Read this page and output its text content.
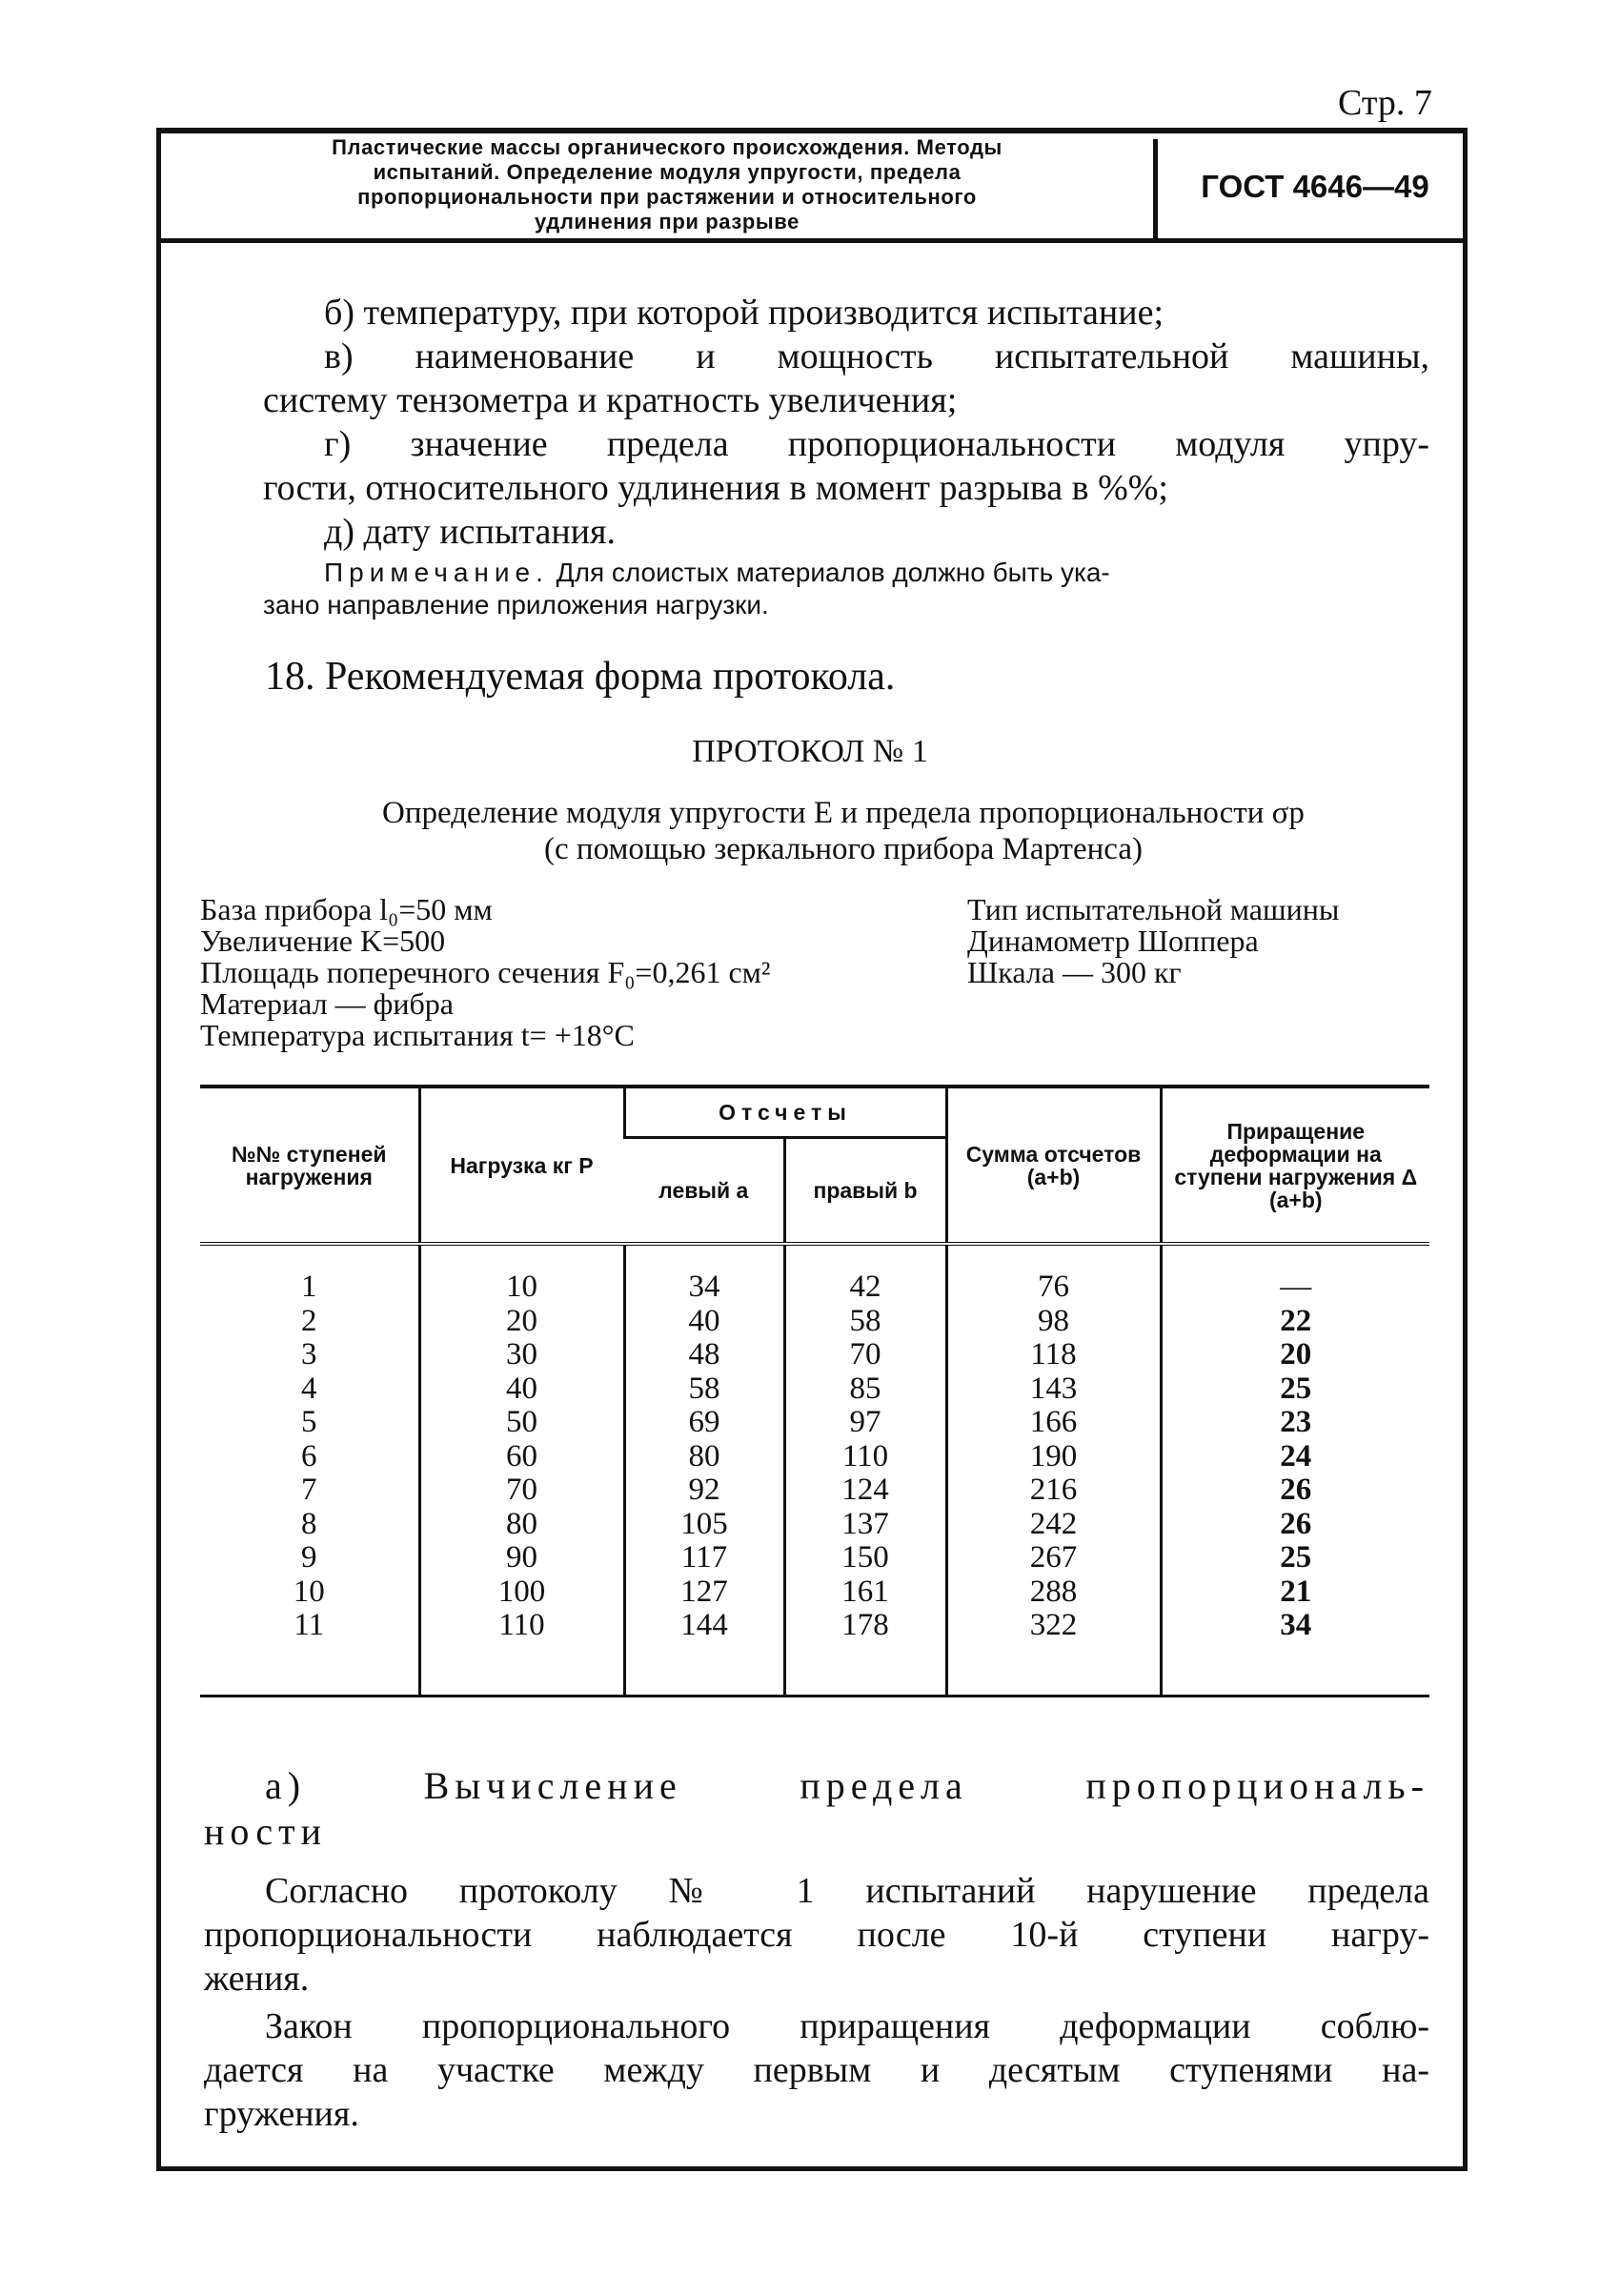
Стр. 7
Пластические массы органического происхождения. Методы
испытаний. Определение модуля упругости, предела
пропорциональности при растяжении и относительного
удлинения при разрыве
ГОСТ 4646—49
б) температуру, при которой производится испытание;
в) наименование и мощность испытательной машины,
систему тензометра и кратность увеличения;
г) значение предела пропорциональности модуля упру-
гости, относительного удлинения в момент разрыва в %%;
д) дату испытания.
Примечание. Для слоистых материалов должно быть ука-
зано направление приложения нагрузки.
18. Рекомендуемая форма протокола.
ПРОТОКОЛ № 1
Определение модуля упругости E и предела пропорциональности σp
(с помощью зеркального прибора Мартенса)
База прибора l₀=50 мм
Увеличение K=500
Площадь поперечного сечения F₀=0,261 см²
Материал — фибра
Температура испытания t= +18°С
Тип испытательной машины
Динамометр Шоппера
Шкала — 300 кг
№№ ступеней нагружения	Нагрузка кг P	Отсчеты		Сумма отсчетов (a+b)	Приращение деформации на ступени нагружения Δ (a+b)
		левый a	правый b		
1	10	34	42	76	—
2	20	40	58	98	22
3	30	48	70	118	20
4	40	58	85	143	25
5	50	69	97	166	23
6	60	80	110	190	24
7	70	92	124	216	26
8	80	105	137	242	26
9	90	117	150	267	25
10	100	127	161	288	21
11	110	144	178	322	34
а) Вычисление предела пропорциональ-
ности
Согласно протоколу № 1 испытаний нарушение предела
пропорциональности наблюдается после 10-й ступени нагру-
жения.
Закон пропорционального приращения деформации соблю-
дается на участке между первым и десятым ступенями на-
гружения.
